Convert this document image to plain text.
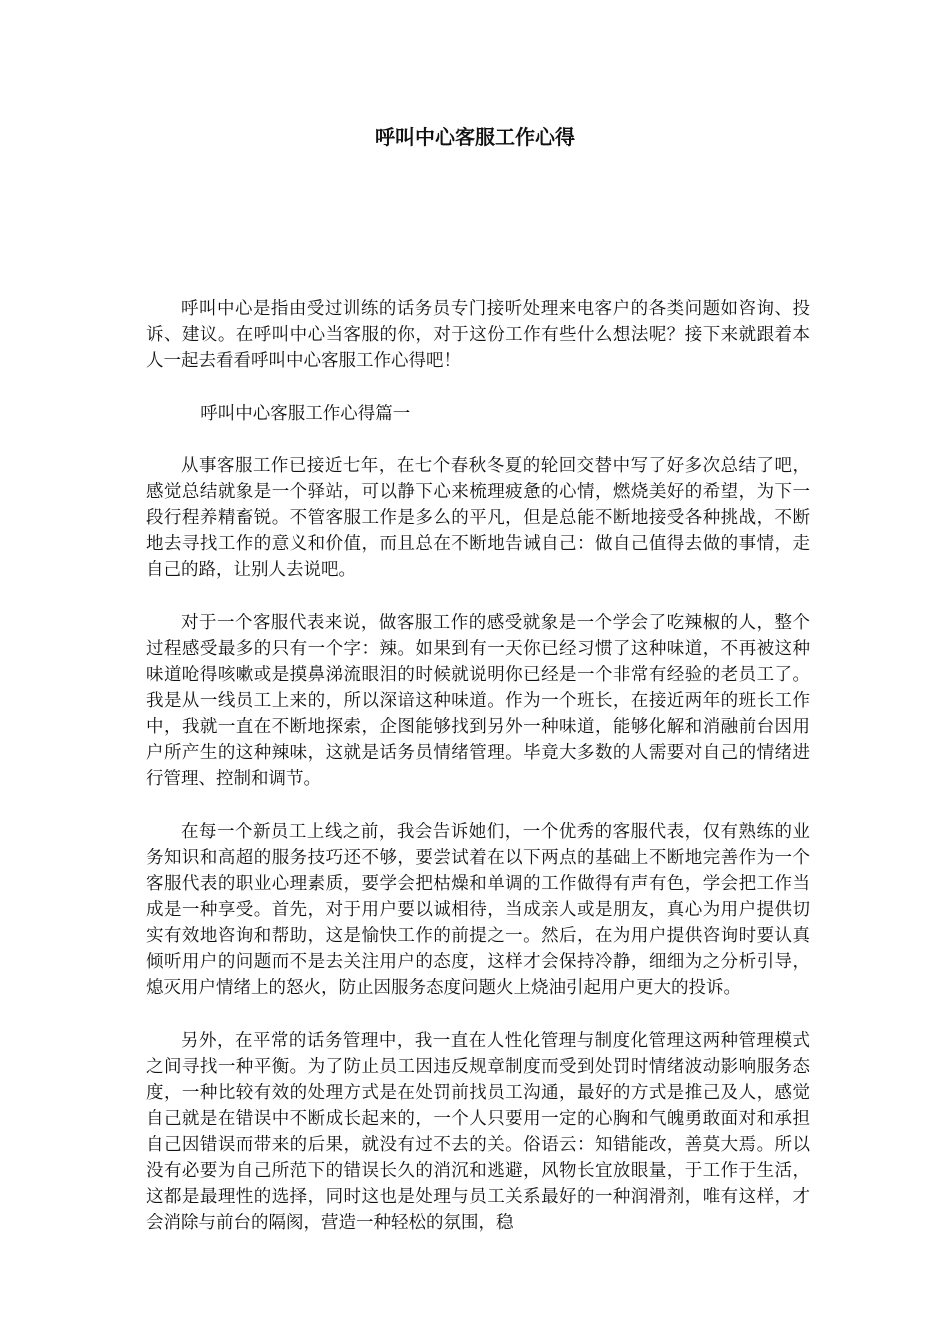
呼叫中心客服工作心得

呼叫中心是指由受过训练的话务员专门接听处理来电客户的各类问题如咨询、投诉、建议。在呼叫中心当客服的你，对于这份工作有些什么想法呢？接下来就跟着本人一起去看看呼叫中心客服工作心得吧！

呼叫中心客服工作心得篇一

从事客服工作已接近七年，在七个春秋冬夏的轮回交替中写了好多次总结了吧，感觉总结就象是一个驿站，可以静下心来梳理疲惫的心情，燃烧美好的希望，为下一段行程养精畜锐。不管客服工作是多么的平凡，但是总能不断地接受各种挑战，不断地去寻找工作的意义和价值，而且总在不断地告诫自己：做自己值得去做的事情，走自己的路，让别人去说吧。

对于一个客服代表来说，做客服工作的感受就象是一个学会了吃辣椒的人，整个过程感受最多的只有一个字：辣。如果到有一天你已经习惯了这种味道，不再被这种味道呛得咳嗽或是摸鼻涕流眼泪的时候就说明你已经是一个非常有经验的老员工了。我是从一线员工上来的，所以深谙这种味道。作为一个班长，在接近两年的班长工作中，我就一直在不断地探索，企图能够找到另外一种味道，能够化解和消融前台因用户所产生的这种辣味，这就是话务员情绪管理。毕竟大多数的人需要对自己的情绪进行管理、控制和调节。

在每一个新员工上线之前，我会告诉她们，一个优秀的客服代表，仅有熟练的业务知识和高超的服务技巧还不够，要尝试着在以下两点的基础上不断地完善作为一个客服代表的职业心理素质，要学会把枯燥和单调的工作做得有声有色，学会把工作当成是一种享受。首先，对于用户要以诚相待，当成亲人或是朋友，真心为用户提供切实有效地咨询和帮助，这是愉快工作的前提之一。然后，在为用户提供咨询时要认真倾听用户的问题而不是去关注用户的态度，这样才会保持冷静，细细为之分析引导，熄灭用户情绪上的怒火，防止因服务态度问题火上烧油引起用户更大的投诉。

另外，在平常的话务管理中，我一直在人性化管理与制度化管理这两种管理模式之间寻找一种平衡。为了防止员工因违反规章制度而受到处罚时情绪波动影响服务态度，一种比较有效的处理方式是在处罚前找员工沟通，最好的方式是推己及人，感觉自己就是在错误中不断成长起来的，一个人只要用一定的心胸和气魄勇敢面对和承担自己因错误而带来的后果，就没有过不去的关。俗语云：知错能改，善莫大焉。所以没有必要为自己所范下的错误长久的消沉和逃避，风物长宜放眼量，于工作于生活，这都是最理性的选择，同时这也是处理与员工关系最好的一种润滑剂，唯有这样，才会消除与前台的隔阂，营造一种轻松的氛围，稳
